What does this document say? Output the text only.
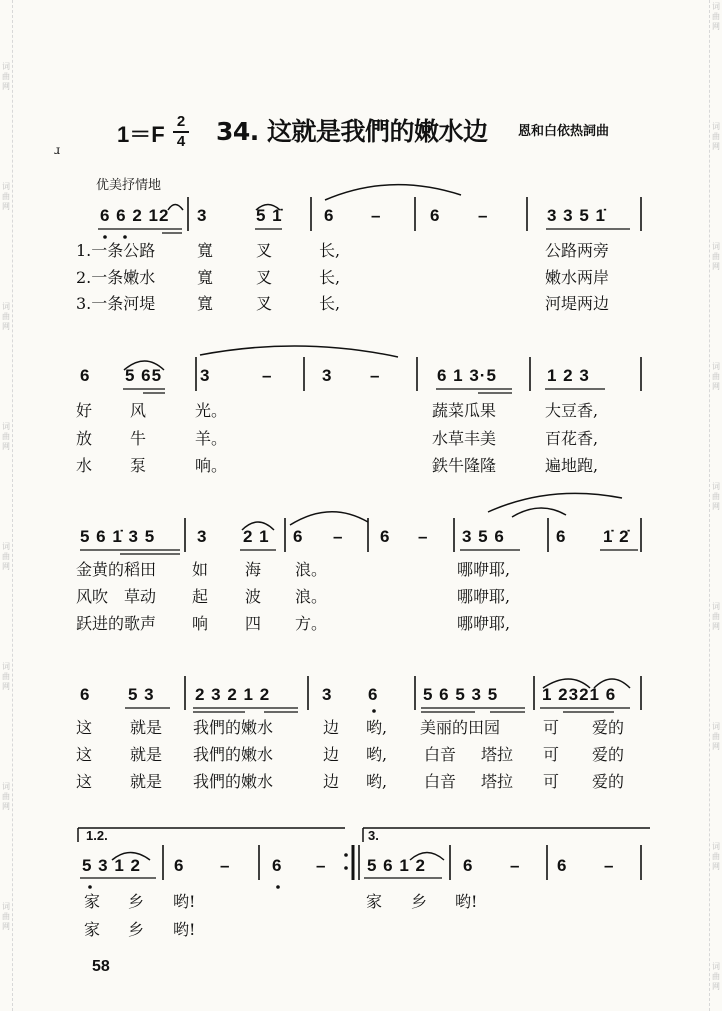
词曲网
词曲网
词曲网
词曲网
词曲网
词曲网
词曲网
词曲网
词曲网
词曲网
词曲网
词曲网
词曲网
词曲网
词曲网
词曲网
词曲网
1＝F
2
4 34. 这就是我們的嫩水边 恩和白依热詞曲
ɹ
优美抒情地
6 6 2 12 3	5 1̇ 6 –	6 –	3 3 5 1̇
1.一条公路	寬	叉	长,	公路两旁
2.一条嫩水	寬	叉	长,	嫩水两岸
3.一条河堤	寬	叉	长,	河堤两边
6 5 65 3	–	3 –	6 1 3·5	1 2 3
好 风	光。	蔬菜瓜果	大豆香,
放 牛	羊。	水草丰美	百花香,
水 泵	响。	鉄牛隆隆	遍地跑,
5 6 1̇ 3 5 3 2 1 6 – 6 – 3 5 6	6 1̇ 2̇
金黄的稻田 如 海 浪。	哪咿耶,
风吹 草动 起 波 浪。	哪咿耶,
跃进的歌声 响 四 方。	哪咿耶,
6 5 3 2 3 2 1 2	3 6	5 6 5 3 5	1 2321 6
这 就是 我們的嫩水	边 哟, 美丽的田园	可 爱的
这 就是 我們的嫩水	边 哟, 白音 塔拉 可 爱的
这 就是 我們的嫩水	边 哟, 白音 塔拉 可 爱的
1.2.	3.
5 3 1 2 6 – 6 – 5 6 1 2 6 – 6 –
家 乡 哟!	家 乡 哟!
家 乡 哟!
58
